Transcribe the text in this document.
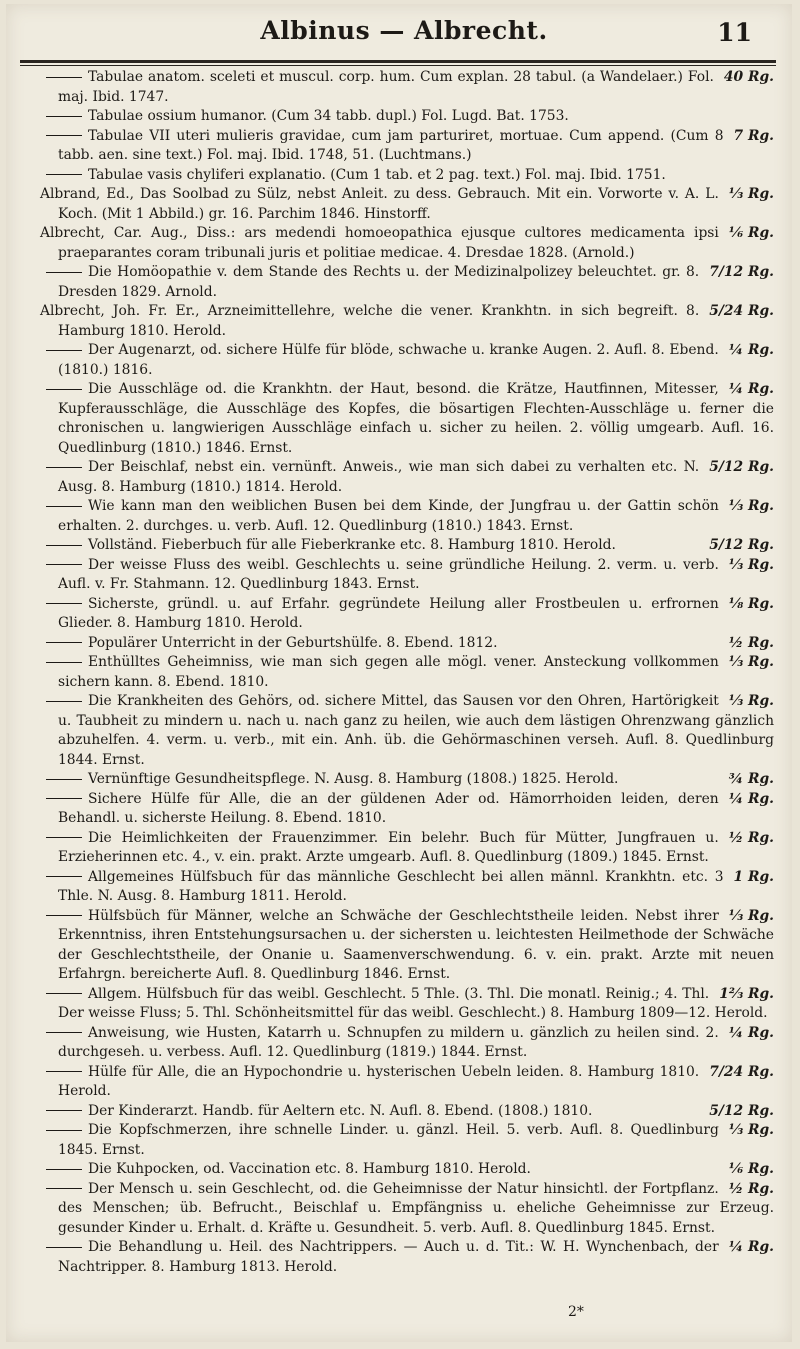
Albinus — Albrecht.	11

40 Rg.
Tabulae anatom. sceleti et muscul. corp. hum. Cum explan. 28 tabul. (a Wandelaer.) Fol. maj. Ibid. 1747.

Tabulae ossium humanor. (Cum 34 tabb. dupl.) Fol. Lugd. Bat. 1753.

7 Rg.
Tabulae VII uteri mulieris gravidae, cum jam parturiret, mortuae. Cum append. (Cum 8 tabb. aen. sine text.) Fol. maj. Ibid. 1748, 51. (Luchtmans.)

Tabulae vasis chyliferi explanatio. (Cum 1 tab. et 2 pag. text.) Fol. maj. Ibid. 1751.

⅓ Rg.
Albrand, Ed., Das Soolbad zu Sülz, nebst Anleit. zu dess. Gebrauch. Mit ein. Vorworte v. A. L. Koch. (Mit 1 Abbild.) gr. 16. Parchim 1846. Hinstorff.

⅙ Rg.
Albrecht, Car. Aug., Diss.: ars medendi homoeopathica ejusque cultores medicamenta ipsi praeparantes coram tribunali juris et politiae medicae. 4. Dresdae 1828. (Arnold.)

7/12 Rg.
Die Homöopathie v. dem Stande des Rechts u. der Medizinalpolizey beleuchtet. gr. 8. Dresden 1829. Arnold.

5/24 Rg.
Albrecht, Joh. Fr. Er., Arzneimittellehre, welche die vener. Krankhtn. in sich begreift. 8. Hamburg 1810. Herold.

¼ Rg.
Der Augenarzt, od. sichere Hülfe für blöde, schwache u. kranke Augen. 2. Aufl. 8. Ebend. (1810.) 1816.

¼ Rg.
Die Ausschläge od. die Krankhtn. der Haut, besond. die Krätze, Hautfinnen, Mitesser, Kupferausschläge, die Ausschläge des Kopfes, die bösartigen Flechten-Ausschläge u. ferner die chronischen u. langwierigen Ausschläge einfach u. sicher zu heilen. 2. völlig umgearb. Aufl. 16. Quedlinburg (1810.) 1846. Ernst.

5/12 Rg.
Der Beischlaf, nebst ein. vernünft. Anweis., wie man sich dabei zu verhalten etc. N. Ausg. 8. Hamburg (1810.) 1814. Herold.

⅓ Rg.
Wie kann man den weiblichen Busen bei dem Kinde, der Jungfrau u. der Gattin schön erhalten. 2. durchges. u. verb. Aufl. 12. Quedlinburg (1810.) 1843. Ernst.

5/12 Rg.
Vollständ. Fieberbuch für alle Fieberkranke etc. 8. Hamburg 1810. Herold.

⅓ Rg.
Der weisse Fluss des weibl. Geschlechts u. seine gründliche Heilung. 2. verm. u. verb. Aufl. v. Fr. Stahmann. 12. Quedlinburg 1843. Ernst.

⅛ Rg.
Sicherste, gründl. u. auf Erfahr. gegründete Heilung aller Frostbeulen u. erfrornen Glieder. 8. Hamburg 1810. Herold.

½ Rg.
Populärer Unterricht in der Geburtshülfe. 8. Ebend. 1812.

⅓ Rg.
Enthülltes Geheimniss, wie man sich gegen alle mögl. vener. Ansteckung vollkommen sichern kann. 8. Ebend. 1810.

⅓ Rg.
Die Krankheiten des Gehörs, od. sichere Mittel, das Sausen vor den Ohren, Hartörigkeit u. Taubheit zu mindern u. nach u. nach ganz zu heilen, wie auch dem lästigen Ohrenzwang gänzlich abzuhelfen. 4. verm. u. verb., mit ein. Anh. üb. die Gehörmaschinen verseh. Aufl. 8. Quedlinburg 1844. Ernst.

¾ Rg.
Vernünftige Gesundheitspflege. N. Ausg. 8. Hamburg (1808.) 1825. Herold.

¼ Rg.
Sichere Hülfe für Alle, die an der güldenen Ader od. Hämorrhoiden leiden, deren Behandl. u. sicherste Heilung. 8. Ebend. 1810.

½ Rg.
Die Heimlichkeiten der Frauenzimmer. Ein belehr. Buch für Mütter, Jungfrauen u. Erzieherinnen etc. 4., v. ein. prakt. Arzte umgearb. Aufl. 8. Quedlinburg (1809.) 1845. Ernst.

1 Rg.
Allgemeines Hülfsbuch für das männliche Geschlecht bei allen männl. Krankhtn. etc. 3 Thle. N. Ausg. 8. Hamburg 1811. Herold.

⅓ Rg.
Hülfsbüch für Männer, welche an Schwäche der Geschlechtstheile leiden. Nebst ihrer Erkenntniss, ihren Entstehungsursachen u. der sichersten u. leichtesten Heilmethode der Schwäche der Geschlechtstheile, der Onanie u. Saamenverschwendung. 6. v. ein. prakt. Arzte mit neuen Erfahrgn. bereicherte Aufl. 8. Quedlinburg 1846. Ernst.

1⅔ Rg.
Allgem. Hülfsbuch für das weibl. Geschlecht. 5 Thle. (3. Thl. Die monatl. Reinig.; 4. Thl. Der weisse Fluss; 5. Thl. Schönheitsmittel für das weibl. Geschlecht.) 8. Hamburg 1809—12. Herold.

¼ Rg.
Anweisung, wie Husten, Katarrh u. Schnupfen zu mildern u. gänzlich zu heilen sind. 2. durchgeseh. u. verbess. Aufl. 12. Quedlinburg (1819.) 1844. Ernst.

7/24 Rg.
Hülfe für Alle, die an Hypochondrie u. hysterischen Uebeln leiden. 8. Hamburg 1810. Herold.

5/12 Rg.
Der Kinderarzt. Handb. für Aeltern etc. N. Aufl. 8. Ebend. (1808.) 1810.

⅓ Rg.
Die Kopfschmerzen, ihre schnelle Linder. u. gänzl. Heil. 5. verb. Aufl. 8. Quedlinburg 1845. Ernst.

⅙ Rg.
Die Kuhpocken, od. Vaccination etc. 8. Hamburg 1810. Herold.

½ Rg.
Der Mensch u. sein Geschlecht, od. die Geheimnisse der Natur hinsichtl. der Fortpflanz. des Menschen; üb. Befrucht., Beischlaf u. Empfängniss u. eheliche Geheimnisse zur Erzeug. gesunder Kinder u. Erhalt. d. Kräfte u. Gesundheit. 5. verb. Aufl. 8. Quedlinburg 1845. Ernst.

¼ Rg.
Die Behandlung u. Heil. des Nachtrippers. — Auch u. d. Tit.: W. H. Wynchenbach, der Nachtripper. 8. Hamburg 1813. Herold.

2*
